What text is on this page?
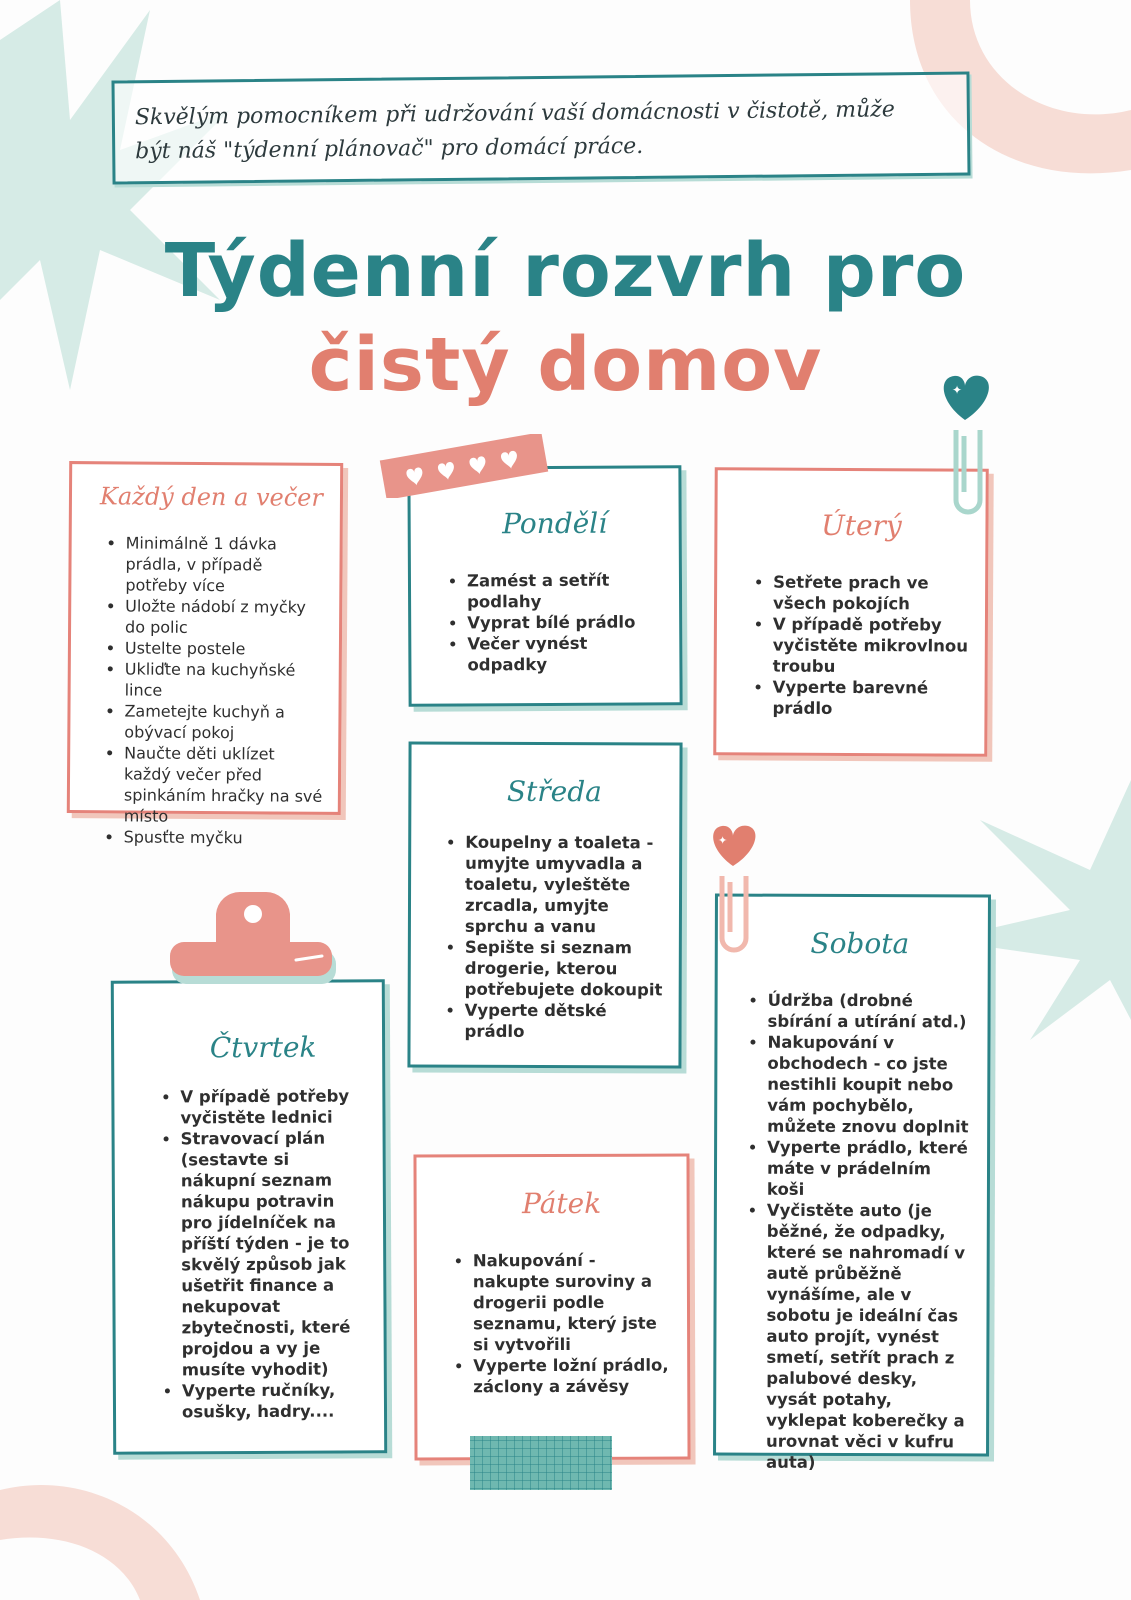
Skvělým pomocníkem při udržování vaší domácnosti v čistotě, může být náš "týdenní plánovač" pro domácí práce.

Týdenní rozvrh pro
čistý domov
Každý den a večer
• Minimálně 1 dávka prádla, v případě potřeby více
• Uložte nádobí z myčky do polic
• Ustelte postele
• Ukliďte na kuchyňské lince
• Zametejte kuchyň a obývací pokoj
• Naučte děti uklízet každý večer před spinkáním hračky na své místo
• Spusťte myčku
Pondělí
• Zamést a setřít podlahy
• Vyprat bílé prádlo
• Večer vynést odpadky
Úterý
• Setřete prach ve všech pokojích
• V případě potřeby vyčistěte mikrovlnou troubu
• Vyperte barevné prádlo
✦
Středa
• Koupelny a toaleta - umyjte umyvadla a toaletu, vyleštěte zrcadla, umyjte sprchu a vanu
• Sepište si seznam drogerie, kterou potřebujete dokoupit
• Vyperte dětské prádlo
Čtvrtek
• V případě potřeby vyčistěte lednici
• Stravovací plán (sestavte si nákupní seznam nákupu potravin pro jídelníček na příští týden - je to skvělý způsob jak ušetřit finance a nekupovat zbytečnosti, které projdou a vy je musíte vyhodit)
• Vyperte ručníky, osušky, hadry....
Pátek
• Nakupování - nakupte suroviny a drogerii podle seznamu, který jste si vytvořili
• Vyperte ložní prádlo, záclony a závěsy
Sobota
• Údržba (drobné sbírání a utírání atd.)
• Nakupování v obchodech - co jste nestihli koupit nebo vám pochybělo, můžete znovu doplnit
• Vyperte prádlo, které máte v prádelním koši
• Vyčistěte auto (je běžné, že odpadky, které se nahromadí v autě průběžně vynášíme, ale v sobotu je ideální čas auto projít, vynést smetí, setřít prach z palubové desky, vysát potahy, vyklepat koberečky a urovnat věci v kufru auta)
✦
